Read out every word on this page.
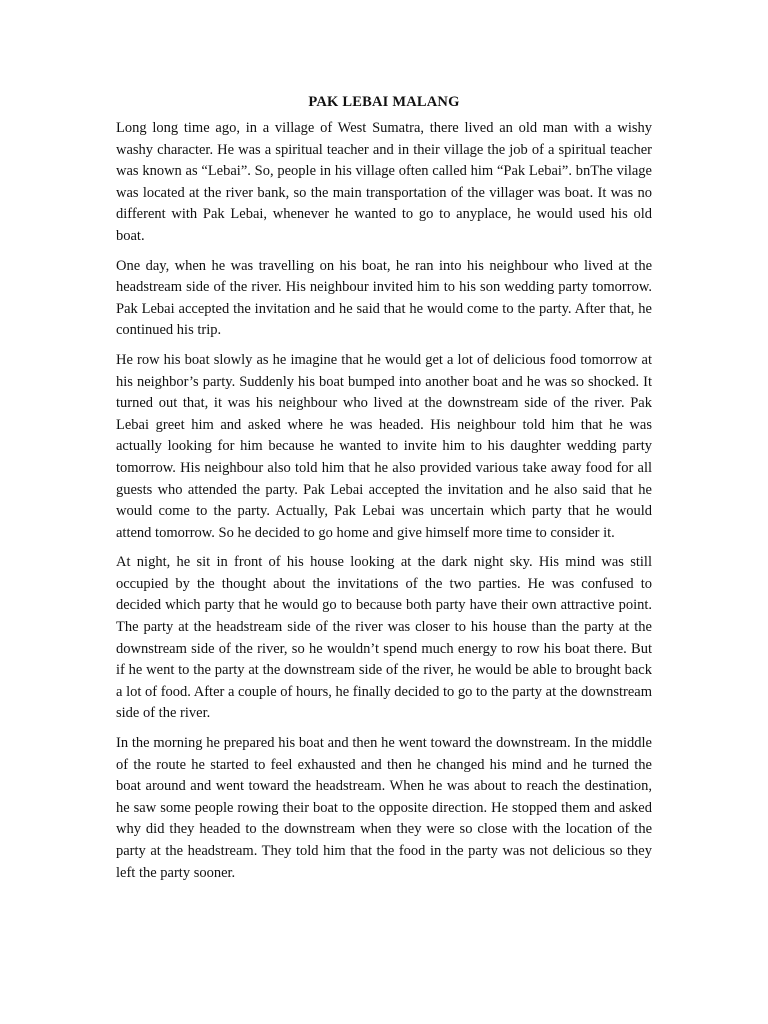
PAK LEBAI MALANG

Long long time ago, in a village of West Sumatra, there lived an old man with a wishy washy character. He was a spiritual teacher and in their village the job of a spiritual teacher was known as “Lebai”. So, people in his village often called him “Pak Lebai”. bnThe vilage was located at the river bank, so the main transportation of the villager was boat. It was no different with Pak Lebai, whenever he wanted to go to anyplace, he would used his old boat.

One day, when he was travelling on his boat, he ran into his neighbour who lived at the headstream side of the river. His neighbour invited him to his son wedding party tomorrow. Pak Lebai accepted the invitation and he said that he would come to the party. After that, he continued his trip.

He row his boat slowly as he imagine that he would get a lot of delicious food tomorrow at his neighbor’s party. Suddenly his boat bumped into another boat and he was so shocked. It turned out that, it was his neighbour who lived at the downstream side of the river. Pak Lebai greet him and asked where he was headed. His neighbour told him that he was actually looking for him because he wanted to invite him to his daughter wedding party tomorrow. His neighbour also told him that he also provided various take away food for all guests who attended the party. Pak Lebai accepted the invitation and he also said that he would come to the party. Actually, Pak Lebai was uncertain which party that he would attend tomorrow. So he decided to go home and give himself more time to consider it.

At night, he sit in front of his house looking at the dark night sky. His mind was still occupied by the thought about the invitations of the two parties. He was confused to decided which party that he would go to because both party have their own attractive point. The party at the headstream side of the river was closer to his house than the party at the downstream side of the river, so he wouldn’t spend much energy to row his boat there. But if he went to the party at the downstream side of the river, he would be able to brought back a lot of food. After a couple of hours, he finally decided to go to the party at the downstream side of the river.

In the morning he prepared his boat and then he went toward the downstream. In the middle of the route he started to feel exhausted and then he changed his mind and he turned the boat around and went toward the headstream. When he was about to reach the destination, he saw some people rowing their boat to the opposite direction. He stopped them and asked why did they headed to the downstream when they were so close with the location of the party at the headstream. They told him that the food in the party was not delicious so they left the party sooner.
